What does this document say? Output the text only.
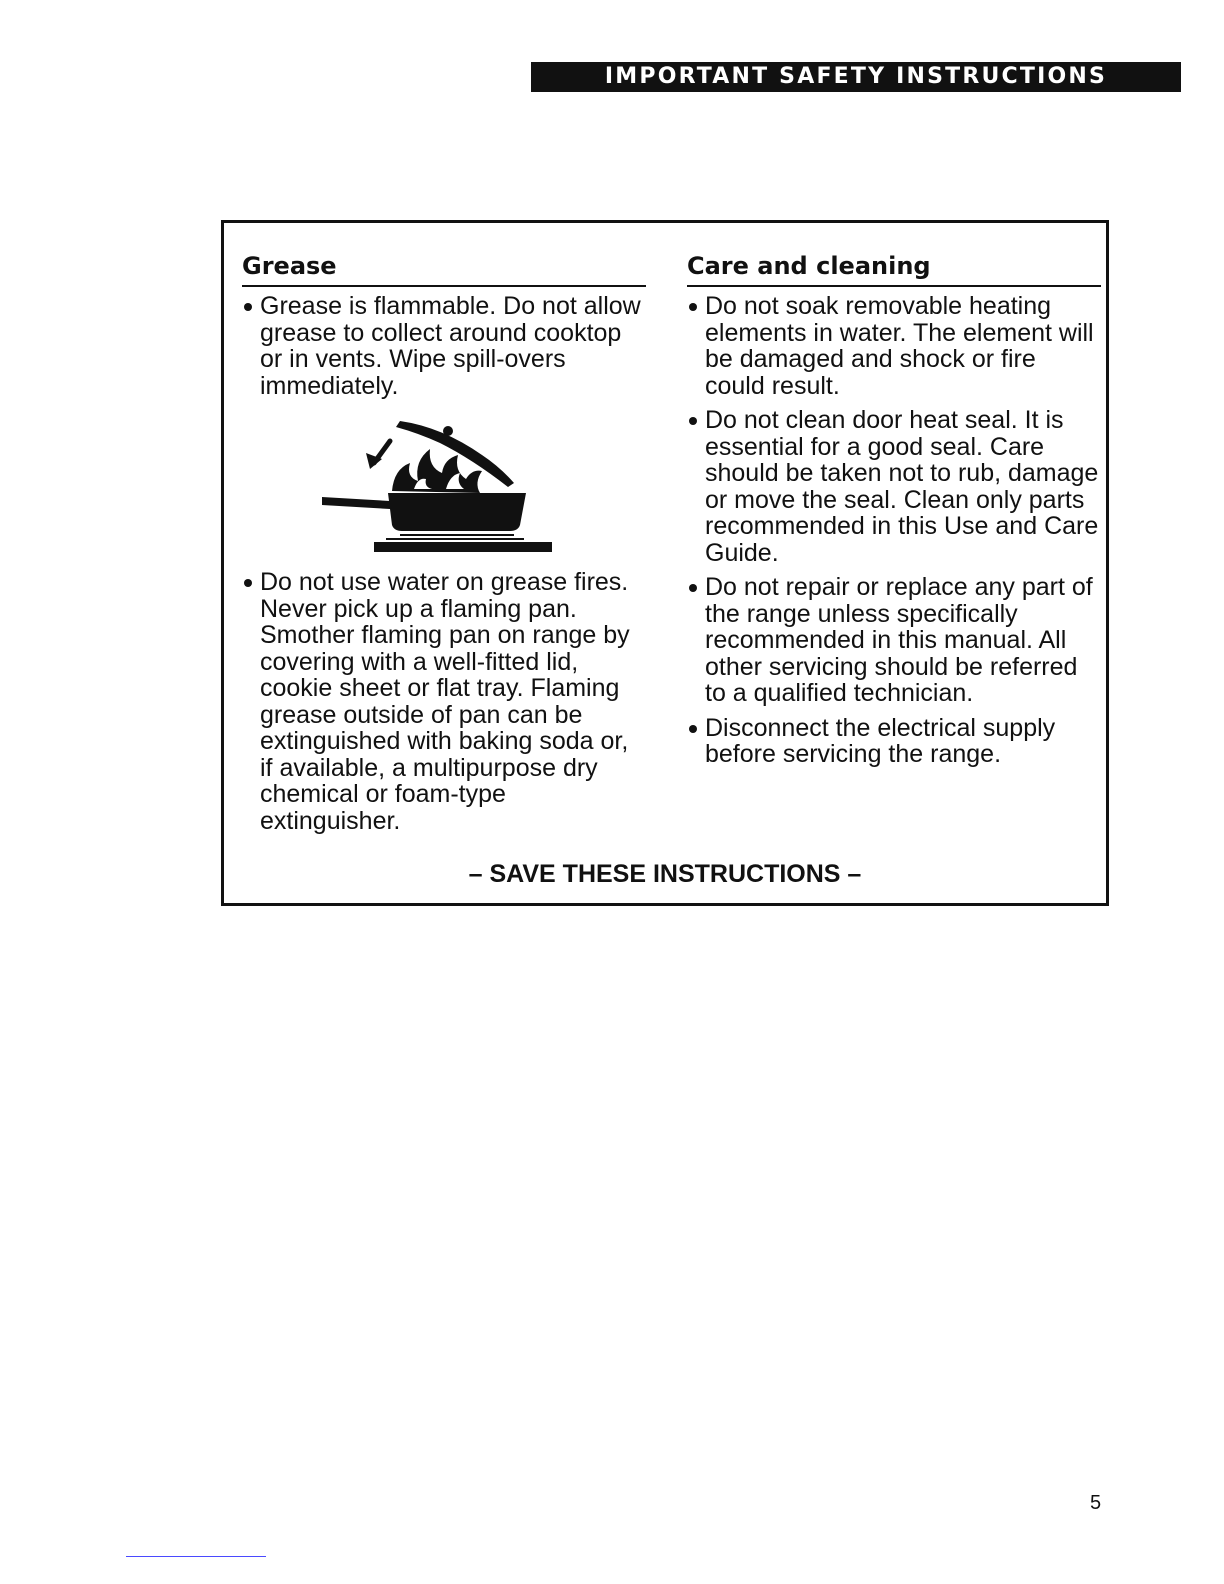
IMPORTANT SAFETY INSTRUCTIONS
Grease
Grease is flammable. Do not allow grease to collect around cooktop or in vents. Wipe spill-overs immediately.
Do not use water on grease fires. Never pick up a flaming pan. Smother flaming pan on range by covering with a well-fitted lid, cookie sheet or flat tray. Flaming grease outside of pan can be extinguished with baking soda or, if available, a multipurpose dry chemical or foam-type extinguisher.
Care and cleaning
Do not soak removable heating elements in water. The element will be damaged and shock or fire could result.
Do not clean door heat seal. It is essential for a good seal. Care should be taken not to rub, damage or move the seal. Clean only parts recommended in this Use and Care Guide.
Do not repair or replace any part of the range unless specifically recommended in this manual. All other servicing should be referred to a qualified technician.
Disconnect the electrical supply before servicing the range.
– SAVE THESE INSTRUCTIONS –
5
